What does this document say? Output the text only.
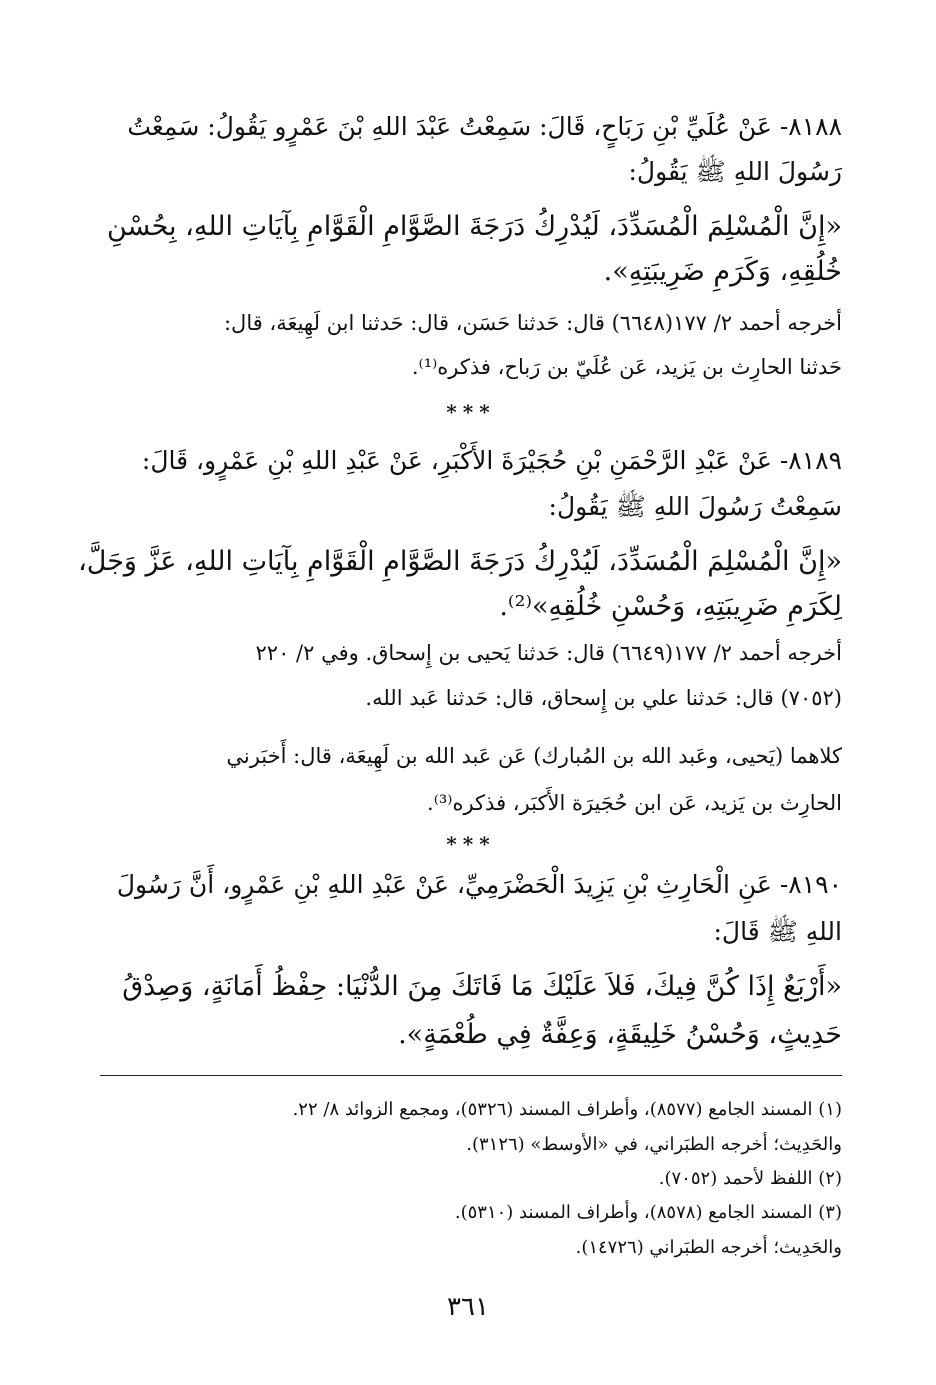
٨١٨٨- عَنْ عُلَيِّ بْنِ رَبَاحٍ، قَالَ: سَمِعْتُ عَبْدَ اللهِ بْنَ عَمْرٍو يَقُولُ: سَمِعْتُ
رَسُولَ اللهِ ﷺ يَقُولُ:
«إِنَّ الْمُسْلِمَ الْمُسَدِّدَ، لَيُدْرِكُ دَرَجَةَ الصَّوَّامِ الْقَوَّامِ بِآيَاتِ اللهِ، بِحُسْنِ
خُلُقِهِ، وَكَرَمِ ضَرِيبَتِهِ».
أخرجه أحمد ٢/ ١٧٧(٦٦٤٨) قال: حَدثنا حَسَن، قال: حَدثنا ابن لَهِيعَة، قال:
حَدثنا الحارِث بن يَزيد، عَن عُلَيّ بن رَباح، فذكره⁽¹⁾.
***
٨١٨٩- عَنْ عَبْدِ الرَّحْمَنِ بْنِ حُجَيْرَةَ الأَكْبَرِ، عَنْ عَبْدِ اللهِ بْنِ عَمْرٍو، قَالَ:
سَمِعْتُ رَسُولَ اللهِ ﷺ يَقُولُ:
«إِنَّ الْمُسْلِمَ الْمُسَدِّدَ، لَيُدْرِكُ دَرَجَةَ الصَّوَّامِ الْقَوَّامِ بِآيَاتِ اللهِ، عَزَّ وَجَلَّ،
لِكَرَمِ ضَرِيبَتِهِ، وَحُسْنِ خُلُقِهِ»⁽²⁾.
أخرجه أحمد ٢/ ١٧٧(٦٦٤٩) قال: حَدثنا يَحيى بن إِسحاق. وفي ٢/ ٢٢٠
(٧٠٥٢) قال: حَدثنا علي بن إِسحاق، قال: حَدثنا عَبد الله.
كلاهما (يَحيى، وعَبد الله بن المُبارك) عَن عَبد الله بن لَهِيعَة، قال: أَخبَرني
الحارِث بن يَزيد، عَن ابن حُجَيرَة الأَكبَر، فذكره⁽³⁾.
***
٨١٩٠- عَنِ الْحَارِثِ بْنِ يَزِيدَ الْحَضْرَمِيِّ، عَنْ عَبْدِ اللهِ بْنِ عَمْرٍو، أَنَّ رَسُولَ
اللهِ ﷺ قَالَ:
«أَرْبَعٌ إِذَا كُنَّ فِيكَ، فَلاَ عَلَيْكَ مَا فَاتَكَ مِنَ الدُّنْيَا: حِفْظُ أَمَانَةٍ، وَصِدْقُ
حَدِيثٍ، وَحُسْنُ خَلِيقَةٍ، وَعِفَّةٌ فِي طُعْمَةٍ».
(١) المسند الجامع (٨٥٧٧)، وأطراف المسند (٥٣٢٦)، ومجمع الزوائد ٨/ ٢٢.
والحَدِيث؛ أخرجه الطبَراني، في «الأوسط» (٣١٢٦).
(٢) اللفظ لأحمد (٧٠٥٢).
(٣) المسند الجامع (٨٥٧٨)، وأطراف المسند (٥٣١٠).
والحَدِيث؛ أخرجه الطبَراني (١٤٧٢٦).
٣٦١
